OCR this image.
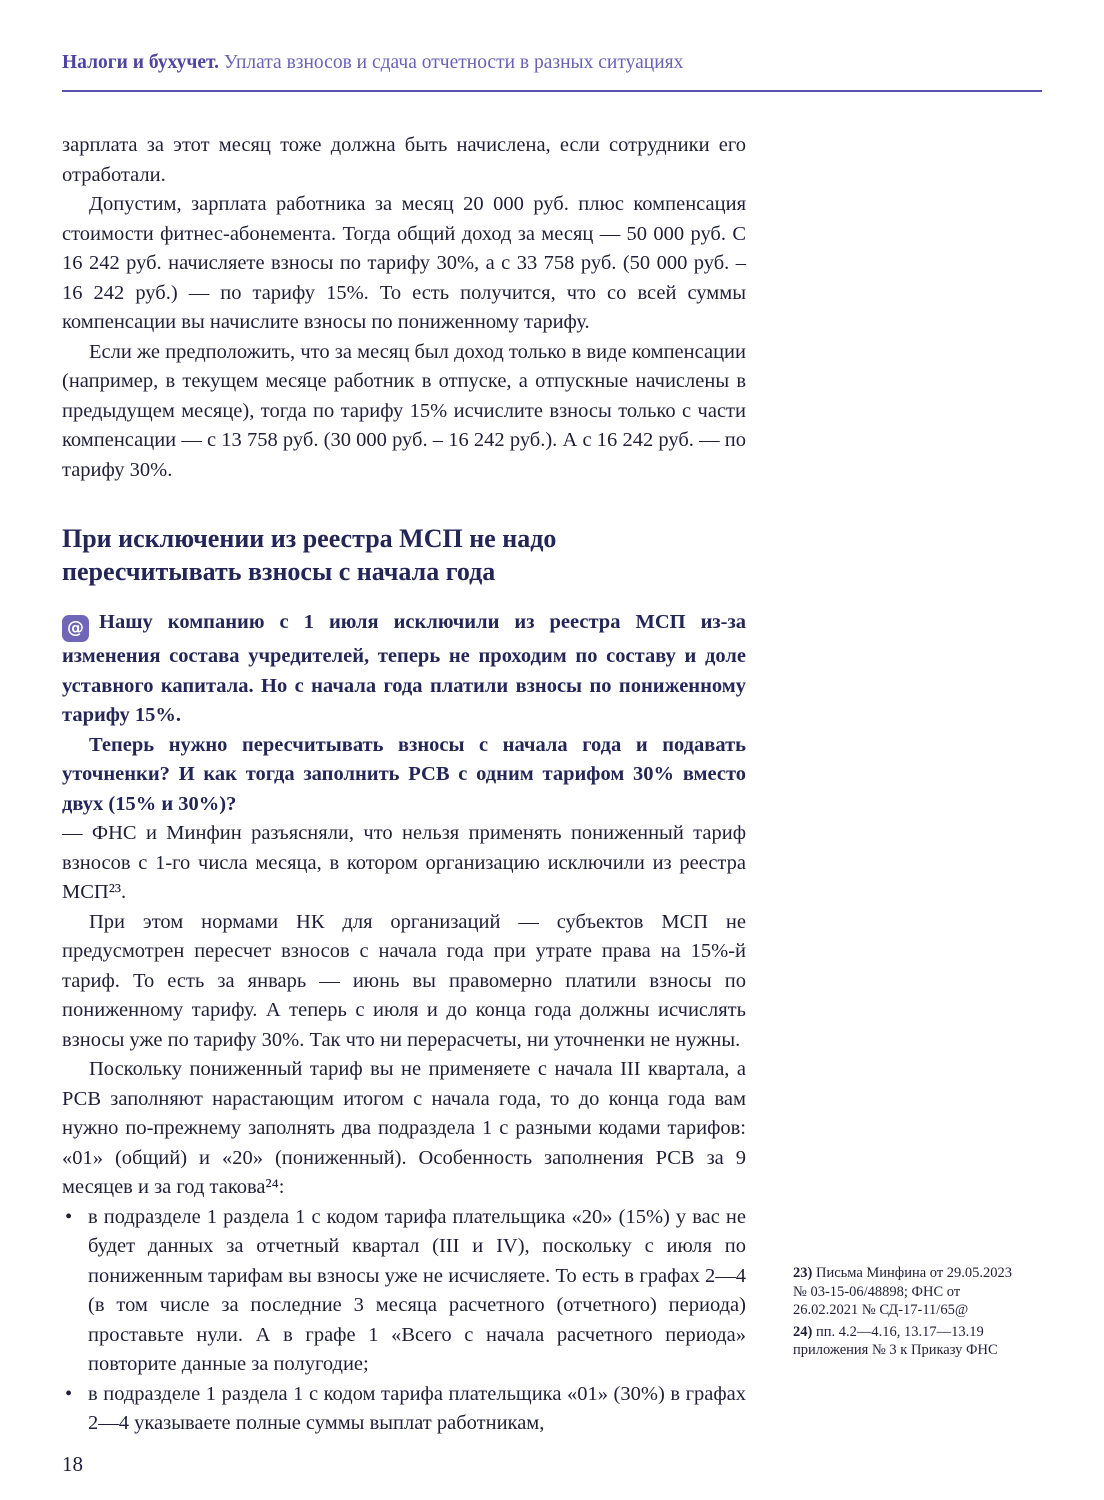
Налоги и бухучет. Уплата взносов и сдача отчетности в разных ситуациях

зарплата за этот месяц тоже должна быть начислена, если сотрудники его отработали.

Допустим, зарплата работника за месяц 20 000 руб. плюс компенсация стоимости фитнес-абонемента. Тогда общий доход за месяц — 50 000 руб. С 16 242 руб. начисляете взносы по тарифу 30%, а с 33 758 руб. (50 000 руб. – 16 242 руб.) — по тарифу 15%. То есть получится, что со всей суммы компенсации вы начислите взносы по пониженному тарифу.

Если же предположить, что за месяц был доход только в виде компенсации (например, в текущем месяце работник в отпуске, а отпускные начислены в предыдущем месяце), тогда по тарифу 15% исчислите взносы только с части компенсации — с 13 758 руб. (30 000 руб. – 16 242 руб.). А с 16 242 руб. — по тарифу 30%.

При исключении из реестра МСП не надо
пересчитывать взносы с начала года

@ Нашу компанию с 1 июля исключили из реестра МСП из-за изменения состава учредителей, теперь не проходим по составу и доле уставного капитала. Но с начала года платили взносы по пониженному тарифу 15%.

Теперь нужно пересчитывать взносы с начала года и подавать уточненки? И как тогда заполнить РСВ с одним тарифом 30% вместо двух (15% и 30%)?

— ФНС и Минфин разъясняли, что нельзя применять пониженный тариф взносов с 1-го числа месяца, в котором организацию исключили из реестра МСП²³.

При этом нормами НК для организаций — субъектов МСП не предусмотрен пересчет взносов с начала года при утрате права на 15%-й тариф. То есть за январь — июнь вы правомерно платили взносы по пониженному тарифу. А теперь с июля и до конца года должны исчислять взносы уже по тарифу 30%. Так что ни перерасчеты, ни уточненки не нужны.

Поскольку пониженный тариф вы не применяете с начала III квартала, а РСВ заполняют нарастающим итогом с начала года, то до конца года вам нужно по-прежнему заполнять два подраздела 1 с разными кодами тарифов: «01» (общий) и «20» (пониженный). Особенность заполнения РСВ за 9 месяцев и за год такова²⁴:

• в подразделе 1 раздела 1 с кодом тарифа плательщика «20» (15%) у вас не будет данных за отчетный квартал (III и IV), поскольку с июля по пониженным тарифам вы взносы уже не исчисляете. То есть в графах 2—4 (в том числе за последние 3 месяца расчетного (отчетного) периода) проставьте нули. А в графе 1 «Всего с начала расчетного периода» повторите данные за полугодие;
• в подразделе 1 раздела 1 с кодом тарифа плательщика «01» (30%) в графах 2—4 указываете полные суммы выплат работникам,
23) Письма Минфина от 29.05.2023 № 03-15-06/48898; ФНС от 26.02.2021 № СД-17-11/65@
24) пп. 4.2—4.16, 13.17—13.19 приложения № 3 к Приказу ФНС
18
